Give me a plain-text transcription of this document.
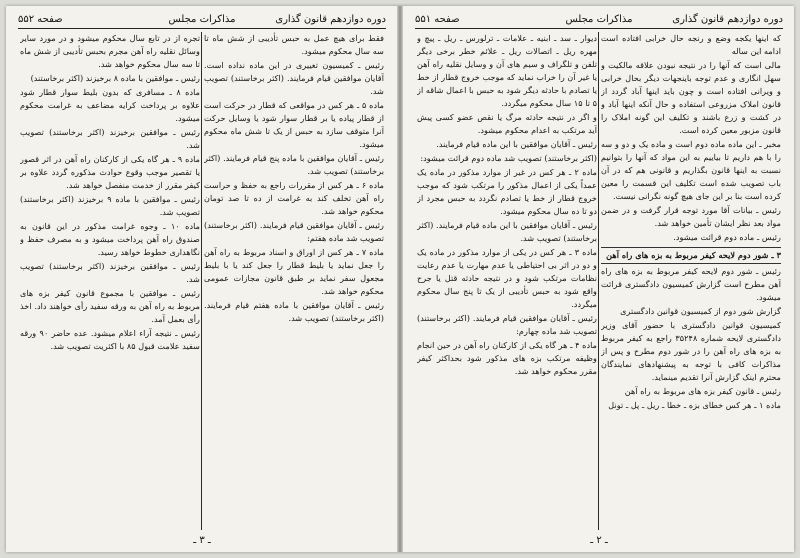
دوره دوازدهم قانون گذاری
مذاكرات مجلس
صفحه ۵۵۲

فقط برای هیچ عمل به حبس تأدیبی از شش ماه تا سه سال محکوم میشود.

رئیس ـ کمیسیون تغییری در این ماده نداده است. آقایان موافقین قیام فرمایند. (اکثر برخاستند) تصویب شد.

ماده ۵ ـ هر کس در مواقعی که قطار در حرکت است از قطار پیاده یا بر قطار سوار شود یا وسایل حرکت آنرا متوقف سازد به حبس از یک تا شش ماه محکوم میشود.

رئیس ـ آقایان موافقین با ماده پنج قیام فرمایند. (اکثر برخاستند) تصویب شد.

ماده ۶ ـ هر کس از مقررات راجع به حفظ و حراست راه آهن تخلف کند به غرامت از ده تا صد تومان محکوم خواهد شد.

رئیس ـ آقایان موافقین قیام فرمایند. (اکثر برخاستند) تصویب شد ماده هفتم:

ماده ۷ ـ هر کس از اوراق و اسناد مربوط به راه آهن را جعل نماید یا بلیط قطار را جعل کند یا با بلیط مجعول سفر نماید بر طبق قانون مجازات عمومی محکوم خواهد شد.

رئیس ـ آقایان موافقین با ماده هفتم قیام فرمایند. (اکثر برخاستند) تصویب شد.

تجره از در تابع سال محکوم میشود و در مورد سایر وسائل نقلیه راه آهن مجرم بحبس تأدیبی از شش ماه تا سه سال محکوم خواهد شد.

رئیس ـ موافقین با ماده ۸ برخیزند (اکثر برخاستند)

ماده ۸ ـ مسافری که بدون بلیط سوار قطار شود علاوه بر پرداخت کرایه مضاعف به غرامت محکوم میشود.

رئیس ـ موافقین برخیزند (اکثر برخاستند) تصویب شد.

ماده ۹ ـ هر گاه یکی از کارکنان راه آهن در اثر قصور یا تقصیر موجب وقوع حوادث مذکوره گردد علاوه بر کیفر مقرر از خدمت منفصل خواهد شد.

رئیس ـ موافقین با ماده ۹ برخیزند (اکثر برخاستند) تصویب شد.

ماده ۱۰ ـ وجوه غرامت مذکور در این قانون به صندوق راه آهن پرداخت میشود و به مصرف حفظ و نگاهداری خطوط خواهد رسید.

رئیس ـ موافقین برخیزند (اکثر برخاستند) تصویب شد.

رئیس ـ موافقین با مجموع قانون کیفر بزه های مربوط به راه آهن به ورقه سفید رأی خواهند داد. اخذ رأی بعمل آمد.

رئیس ـ نتیجه آراء اعلام میشود. عده حاضر ۹۰ ورقه سفید علامت قبول ۸۵ با اکثریت تصویب شد.

ـ ۳ ـ
دوره دوازدهم قانون گذاری
مذاكرات مجلس
صفحه ۵۵۱

که اینها یکجه وضع و رنجه حال خرابی افتاده است ادامه این ساله

مالی است که آنها را در نتیجه نبودن علاقه مالکیت و سهل انگاری و عدم توجه باینجهات دیگر بحال خرابی و ویرانی افتاده است و چون باید اینها آباد گردد از قانون املاک مزروعی استفاده و حال آنکه اینها آباد و در کشت و زرع باشند و تکلیف این گونه املاک را قانون مزبور معین کرده است.

مخبر ـ این ماده ماده دوم است و ماده یک و دو و سه را با هم داریم تا بیاییم به این مواد که آنها را بتوانیم نسبت به اینها قانون بگذاریم و قانونی هم که در آن باب تصویب شده است تکلیف این قسمت را معین کرده است بنا بر این جای هیچ گونه نگرانی نیست.

رئیس ـ بیانات آقا مورد توجه قرار گرفت و در ضمن مواد بعد نظر ایشان تأمین خواهد شد.

رئیس ـ ماده دوم قرائت میشود.

۳ ـ شور دوم لایحه کیفر مربوط به بزه های راه آهن

رئیس ـ شور دوم لایحه کیفر مربوط به بزه های راه آهن مطرح است گزارش کمیسیون دادگستری قرائت میشود.

گزارش شور دوم از کمیسیون قوانین دادگستری

کمیسیون قوانین دادگستری با حضور آقای وزیر دادگستری لایحه شماره ۳۵۲۴۸ راجع به کیفر مربوط به بزه های راه آهن را در شور دوم مطرح و پس از مذاکرات کافی با توجه به پیشنهادهای نمایندگان محترم اینک گزارش آنرا تقدیم مینماید.

رئیس ـ قانون کیفر بزه های مربوط به راه آهن

ماده ۱ ـ هر کس خطای بزه ـ خطا ـ ریل ـ پل ـ تونل

دیوار ـ سد ـ ابنیه ـ علامات ـ ترلورس ـ ریل ـ پیچ و مهره ریل ـ اتصالات ریل ـ علائم خطر برخی دیگر تلفن و تلگراف و سیم های آن و وسایل نقلیه راه آهن یا غیر آن را خراب نماید که موجب خروج قطار از خط یا تصادم با حادثه دیگر شود به حبس با اعمال شاقه از ۵ تا ۱۵ سال محکوم میگردد.

و اگر در نتیجه حادثه مرگ یا نقص عضو کسی پیش آید مرتکب به اعدام محکوم میشود.

رئیس ـ آقایان موافقین با این ماده قیام فرمایند.

(اکثر برخاستند) تصویب شد ماده دوم قرائت میشود:

ماده ۲ ـ هر کس در غیر از موارد مذکور در ماده یک عمداً یکی از اعمال مذکور را مرتکب شود که موجب خروج قطار از خط یا تصادم نگردد به حبس مجرد از دو تا ده سال محکوم میشود.

رئیس ـ آقایان موافقین با این ماده قیام فرمایند. (اکثر برخاستند) تصویب شد.

ماده ۳ ـ هر کس در یکی از موارد مذکور در ماده یک و دو در اثر بی احتیاطی یا عدم مهارت یا عدم رعایت نظامات مرتکب شود و در نتیجه حادثه قتل یا جرح واقع شود به حبس تأدیبی از یک تا پنج سال محکوم میگردد.

رئیس ـ آقایان موافقین قیام فرمایند. (اکثر برخاستند) تصویب شد ماده چهارم:

ماده ۴ ـ هر گاه یکی از کارکنان راه آهن در حین انجام وظیفه مرتکب بزه های مذکور شود بحداکثر کیفر مقرر محکوم خواهد شد.

ـ ۲ ـ
